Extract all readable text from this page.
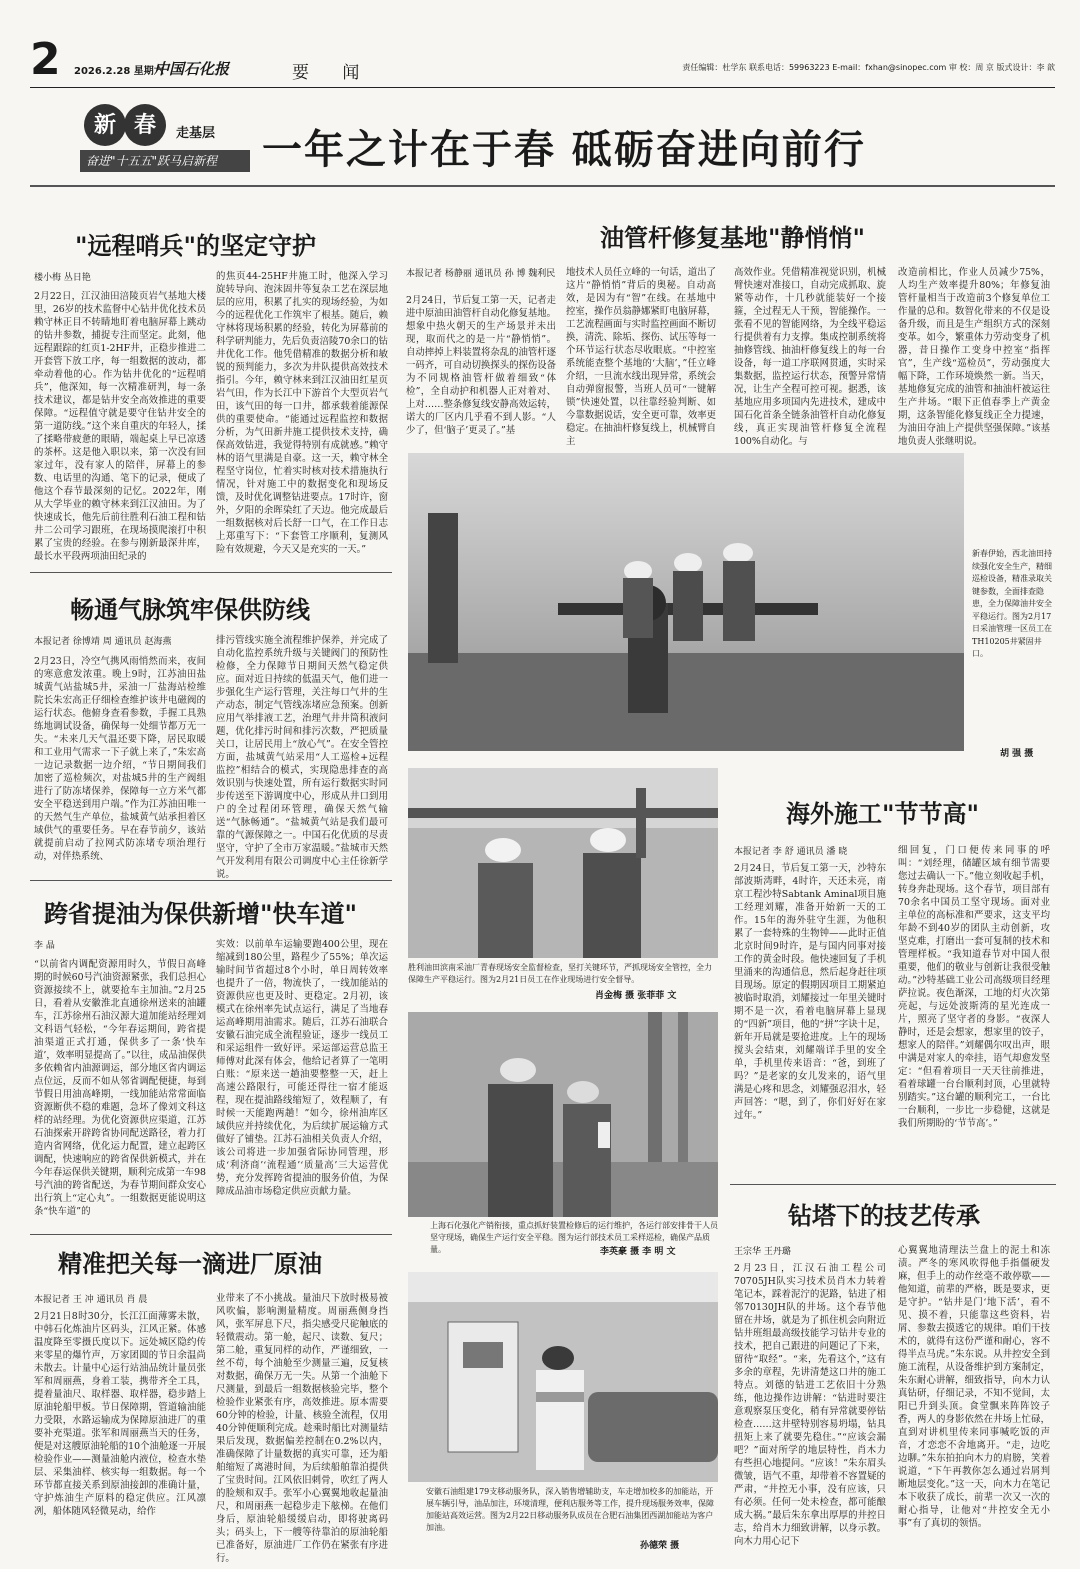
2 2026.2.28 星期六
中国石化报	要 闻	责任编辑：杜学东 联系电话：59963223 E-mail：fxhan@sinopec.com 审 校：周 京 版式设计：李 歆
新 春	走基层
奋进"十五五"跃马启新程	一年之计在于春 砥砺奋进向前行
"远程哨兵"的坚定守护
楼小梅 丛日艳
2月22日，江汉油田涪陵页岩气基地大楼里，26岁的技术监督中心钻井优化技术员赖守林正目不转睛地盯着电脑屏幕上跳动的钻井参数，捕捉专注而坚定。此刻，他远程跟踪的红页1-2HF井，正稳步推进二开套管下放工序，每一组数据的波动，都牵动着他的心。作为钻井优化的“远程哨兵”，他深知，每一次精准研判，每一条技术建议，都是钻井安全高效推进的重要保障。“远程值守就是要守住钻井安全的第一道防线。”这个来自重庆的年轻人，揉了揉略带疲惫的眼睛，端起桌上早已凉透的茶杯。这是他入职以来，第一次没有回家过年，没有家人的陪伴，屏幕上的参数、电话里的沟通、笔下的记录，便成了他这个春节最深刻的记忆。2022年，刚从大学毕业的赖守林来到江汉油田。为了快速成长，他先后前往胜利石油工程和钻井二公司学习跟班，在现场摸爬滚打中积累了宝贵的经验。在参与刚新最深井库，最长水平段两项油田纪录的
的焦页44-25HF井施工时，他深入学习旋转导向、泡沫固井等复杂工艺在深层地层的应用，积累了扎实的现场经验，为如今的远程优化工作筑牢了根基。随后，赖守林将现场积累的经验，转化为屏幕前的科学研判能力，先后负责涪陵70余口的钻井优化工作。他凭借精准的数据分析和敏锐的预判能力，多次为井队提供高效技术指引。今年，赖守林来到江汉油田红星页岩气田，作为长江中下游首个大型页岩气田，该气田的每一口井，都承载着能源保供的重要使命。“能通过远程监控和数据分析，为气田新井施工提供技术支持，确保高效钻进，我觉得特别有成就感。”赖守林的语气里满是自豪。这一天，赖守林全程坚守岗位，忙着实时核对技术措施执行情况，针对施工中的数据变化和现场反馈，及时优化调整钻进要点。17时许，窗外，夕阳的余晖染红了天边。他完成最后一组数据核对后长舒一口气，在工作日志上郑重写下：“下套管工序顺利，复测风险有效规避，今天又是充实的一天。”
油管杆修复基地"静悄悄"
本报记者 杨静丽 通讯员 孙 博 魏利民
2月24日，节后复工第一天，记者走进中原油田油管杆自动化修复基地。想象中热火朝天的生产场景并未出现，取而代之的是一片“静悄悄”。自动摔掉上料装置将杂乱的油管杆逐一码齐，可自动切换探头的探伤设备为不同规格油管杆做着细致“体检”，全自动护和机器人正对着对、上对……整条修复线安静高效运转，诺大的厂区内几乎看不到人影。“人少了，但‘脑子’更灵了。”基
地技术人员任立峰的一句话，道出了这片“静悄悄”背后的奥秘。自动高效，是因为有“智”在线。在基地中控室，操作员翁静娜紧盯电脑屏幕，工艺流程画面与实时监控画面不断切换，清洗、除垢、探伤、试压等每一个环节运行状态尽收眼底。“中控室系统能查整个基地的‘大脑’，”任立峰介绍，一旦流水线出现异常，系统会自动弹窗报警，当班人员可“一键解锁”快速处置，以往靠经验判断、如今靠数据说话，安全更可靠，效率更稳定。在抽油杆修复线上，机械臂自主
高效作业。凭借精准视觉识别，机械臂快速对准接口，自动完成抓取、旋紧等动作，十几秒就能装好一个接箍，全过程无人干预，智能操作。一张看不见的智能网络，为全线平稳运行提供着有力支撑。集成控制系统将抽修管线、抽油杆修复线上的每一台设备，每一道工序联网贯通，实时采集数据，监控运行状态，预警异常情况，让生产全程可控可视。据悉，该基地应用多项国内先进技术，建成中国石化首条全链条油管杆自动化修复线，真正实现油管杆修复全流程100%自动化。与
改造前相比，作业人员减少75%，人均生产效率提升80%；年修复油管杆量相当于改造前3个修复单位工作量的总和。数智化带来的不仅是设备升级，而且是生产组织方式的深刻变革。如今，繁重体力劳动变身了机器，昔日操作工变身中控室“指挥官”，生产线“巡检员”，劳动强度大幅下降，工作环境焕然一新。当天，基地修复完成的油管和抽油杆被运往生产井场。“眼下正值春季上产黄金期，这条智能化修复线正全力提速，为油田夺油上产提供坚强保障。”该基地负责人张继明说。
新春伊始，西北油田持续强化安全生产，精细巡检设备，精准录取关键参数，全面排查隐患，全力保障油井安全平稳运行。图为2月17日采油管理一区员工在TH10205井紧固井口。
胡 强 摄
畅通气脉筑牢保供防线
本报记者 徐博靖 周 通讯员 赵海燕
2月23日，冷空气携风雨悄然而来，夜间的寒意愈发浓重。晚上9时，江苏油田盐城黄气站盐城5井，采油一厂盐海站检维院长朱宏高正仔细检查维护该井电磁阀的运行状态。他俯身查看参数，手握工具熟练地调试设备，确保每一处细节都万无一失。“未来几天气温还要下降，居民取暖和工业用气需求一下子就上来了，”朱宏高一边记录数据一边介绍，“节日期间我们加密了巡检频次，对盐城5井的生产阀组进行了防冻堵保养，保障每一立方米气都安全平稳送到用户端。”作为江苏油田唯一的天然气生产单位，盐城黄气站承担着区域供气的重要任务。早在春节前夕，该站就提前启动了拉网式防冻堵专项治理行动，对伴热系统、
排污管线实施全流程维护保养，并完成了自动化监控系统升级与关键阀门的预防性检修，全力保障节日期间天然气稳定供应。面对近日持续的低温天气，他们进一步强化生产运行管理，关注每口气井的生产动态，制定气管线冻堵应急预案。创新应用气举排液工艺，治理气井井筒积液问题，优化排污时间和排污次数，严把质量关口，让居民用上“放心气”。在安全管控方面，盐城黄气站采用“人工巡检+远程监控”相结合的模式，实现隐患排查的高效识别与快速处置，所有运行数据实时同步传送至下游调度中心，形成从井口到用户的全过程闭环管理，确保天然气输送“气脉畅通”。“盐城黄气站是我们最可靠的气源保障之一。中国石化优质的尽责坚守，守护了全市万家温暖。”盐城市天然气开发利用有限公司调度中心主任徐新学说。
胜利油田滨南采油厂青春现场安全监督检查，坚打关键环节，严抓现场安全管控，全力保障生产平稳运行。图为2月21日员工在作业现场进行安全督导。
肖金梅 摄 张菲菲 文
海外施工"节节高"
本报记者 李 舒 通讯员 潘 晓
2月24日，节后复工第一天，沙特东部波斯湾畔，4时许，天还未亮，南京工程沙特Sabtank Aminal项目施工经理刘耀，准备开始新一天的工作。15年的海外驻守生涯，为他积累了一套特殊的生物钟——此时正值北京时间9时许，是与国内同事对接工作的黄金时段。他快速回复了手机里涌来的沟通信息，然后起身赶往项目现场。原定的假期因项目工期紧迫被临时取消，刘耀接过一年里关键时期不是一次，看着电脑屏幕上显现的“四新”项目，他的“拼”字诀十足，新年开局就是要抢进度。上午的现场搅头会结束，刘耀端详手里的安全单，手机里传来语音：“爸，到班了吗？”是老家的女儿发来的，语气里满是心疼和思念，刘耀强忍泪水，轻声回答：“嗯，到了，你们好好在家过年。”
细回复，门口便传来同事的呼叫：“刘经理，储罐区域有细节需要您过去确认一下。”他立刻收起手机，转身奔赴现场。这个春节，项目部有70余名中国员工坚守现场。面对业主单位的高标准和严要求，这支平均年龄不到40岁的团队主动创新，攻坚克难，打磨出一套可复制的技术和管理样板。“我知道春节对中国人很重要，他们的敬业与创新让我很受触动。”沙特基础工业公司高级项目经理萨拉说。夜色渐深，工地的灯火次第亮起，与远处波斯湾的星光连成一片，照亮了坚守者的身影。“夜深人静时，还是会想家，想家里的饺子，想家人的陪伴。”刘耀偶尔叹出声，眼中满是对家人的牵挂，语气却愈发坚定：“但看着项目一天天往前推进，看着球罐一台台顺利封顶，心里就特别踏实。”这台罐的顺利完工，一台比一台顺利，一步比一步稳健，这就是我们所期盼的‘节节高’。”
跨省提油为保供新增"快车道"
李 晶
“以前省内调配资源用时久，节假日高峰期的时候60号汽油资源紧张，我们总担心资源接续不上，就要抢车主加油。”2月25日，看着从安徽淮北直通徐州送来的油罐车，江苏徐州石油汉源大道加能站经理刘文科语气轻松，“今年春运期间，跨省提油渠道正式打通，保供多了一条‘快车道’，效率明显提高了。”以往，成品油保供多依赖省内油源调运，部分地区省内调运点位远，反而不如从邻省调配便捷，每到节假日用油高峰期，一线加能站常常面临资源断供不稳的难题，急坏了像刘文科这样的站经理。为优化资源供应渠道，江苏石油探索开辟跨省协同配送路径，着力打造内省网络，优化运力配置，建立起跨区调配，快速响应的跨省保供新模式，并在今年春运保供关键期，顺利完成第一车98号汽油的跨省配送，为春节期间群众安心出行筑上“定心丸”。一组数据更能说明这条“快车道”的
实效：以前单车运输要跑400公里，现在缩减到180公里，路程少了55%；单次运输时间节省超过8个小时，单日周转效率也提升了一倍，物流快了，一线加能站的资源供应也更及时、更稳定。2月初，该模式在徐州率先试点运行，满足了当地春运高峰期用油需求。随后，江苏石油联合安徽石油完成全流程验证，逐步一线员工和采运组件一致好评。采运部运营总监王师傅对此深有体会，他给记者算了一笔明白账：“原来送一趟油要整整一天，赶上高速公路限行，可能还得往一宿才能返程，现在提油路线缩短了，效程顺了，有时候一天能跑两趟！”如今，徐州油库区域供应并持续优化，为后续扩展运输方式做好了铺垫。江苏石油相关负责人介绍，该公司将进一步加强省际协同管理，形成‘利济商’‘流程通’‘质量高’三大运营优势，充分发挥跨省提油的服务价值，为保障成品油市场稳定供应贡献力量。
上海石化强化产销衔接，重点抓好装置检修后的运行维护，各运行部安排骨干人员坚守现场，确保生产运行安全平稳。图为运行部技术员工采样巡检，确保产品质量。	李英豪 摄 李 明 文
精准把关每一滴进厂原油
本报记者 王 冲 通讯员 肖 晨
2月21日8时30分，长江江面薄雾未散，中韩石化炼油片区码头，江风正紧。体感温度降至零摄氏度以下。远处城区隐约传来零星的爆竹声，万家团圆的节日余温尚未散去。计量中心运行站油品统计量员张军和周丽燕，身着工装，携带齐全工具，提着量油尺、取样器、取样器，稳步踏上原油轮船甲板。节日保障期，管道输油能力受限，水路运输成为保障原油进厂的重要补充渠道。张军和周丽燕当天的任务，便是对这艘原油轮船的10个油舱逐一开展检验作业——测量油舱内液位，检查水垫层、采集油样、核实每一组数据。每一个环节都直接关系到原油接卸的准确计量，守护炼油生产原料的稳定供应。江风凛冽，船体随风轻微晃动，给作
业带来了不小挑战。量油尺下放时极易被风吹偏，影响测量精度。周丽燕侧身挡风，张军屏息下尺，指尖感受尺砣触底的轻微震动。第一舱，起尺、读数、复尺；第二舱，重复同样的动作，严谨细致，一丝不苟，每个油舱至少测量三遍，反复核对数据，确保万无一失。从第一个油舱下尺测量，到最后一组数据核验完毕，整个检验作业紧张有序，高效推进。原本需要60分钟的检验，计量、核验全流程，仅用40分钟便顺利完成。趁乘时船比对测量结果后发现，数据偏差控制在0.2%以内，准确保障了计量数据的真实可靠，还为船舶缩短了离港时间，为后续船舶靠泊提供了宝贵时间。江风依旧刺骨，吹红了两人的脸颊和双手。张军小心翼翼地收起量油尺，和周丽燕一起稳步走下舷梯。在他们身后，原油轮船缓缓启动，即将驶离码头；码头上，下一艘等待靠泊的原油轮船已准备好，原油进厂工作仍在紧张有序进行。
钻塔下的技艺传承
王宗华 王丹璐
2月23日，江汉石油工程公司70705JH队实习技术员肖木力转着笔记本，踩着泥泞的泥路，钻进了相邻70130JH队的井场。这个春节他留在井场，就是为了抓住机会向附近钻井班组最高级技能学习钻井专业的技术，把自己跟进的问题记了下来，留待“取经”。“来，先看这个，”这有多余的章程，先讲清楚这口井的施工特点。刘德的钻进工艺依旧十分熟练，他边操作边讲解：“钻进时要注意观察泵压变化，稍有异常就要停钻检查……这井壁特别容易坍塌，钻具扭矩上来了就要先稳住。”“应该会漏吧？”面对所学的地层特性，肖木力有些担心地提问。“应该！”朱东眉头微皱，语气不重，却带着不容置疑的严肃，“井控无小事，没有应该，只有必须。任何一处未检查，都可能酿成大祸。”最后朱东拿出厚厚的井控日志，给肖木力细致讲解，以身示教。向木力用心记下
心翼翼地清理法兰盘上的泥土和冻渍。严冬的寒风吹得他手指僵硬发麻，但手上的动作丝毫不敢停歇——他知道，前辈的严格，既是要求，更是守护。“钻井是门‘地下活’，看不见、摸不着，只能靠这些资料，岩屑、参数去摸透它的规律。咱们干技术的，就得有这份严谨和耐心，容不得半点马虎。”朱东说。从井控安全到施工流程，从设备维护到方案制定，朱东耐心讲解，细致指导，向木力认真钻研，仔细记录，不知不觉间，太阳已升到头顶。食堂飘来阵阵饺子香，两人的身影依然在井场上忙碌，直到对讲机里传来同事喊吃饭的声音，才恋恋不舍地离开。“走，边吃边聊。”朱东拍拍向木力的肩膀，笑着说道，“下午再教你怎么通过岩屑判断地层变化。”这一天，向木力在笔记本下收获了成长，前辈一次又一次的耐心指导，让他对“井控安全无小事”有了真切的领悟。
安徽石油组建179支移动服务队，深入销售增辅助支，车走增加校多的加能站，开展车辆引导，油品加注，环境清理，便利店服务等工作，提升现场服务效率，保障加能站高效运营。图为2月22日移动服务队成员在合肥石油集团西湖加能站为客户加油。
孙德荣 摄
